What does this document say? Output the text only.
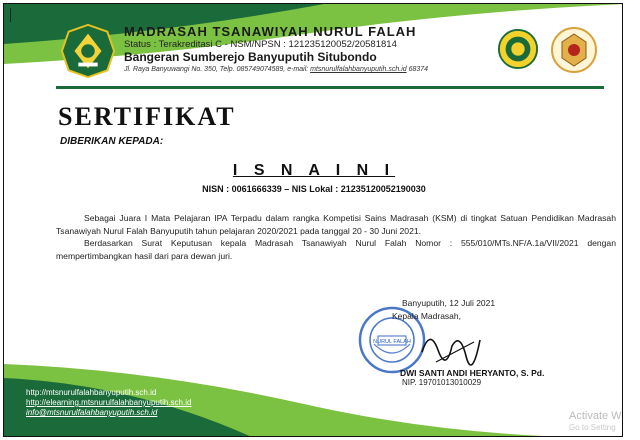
MADRASAH TSANAWIYAH NURUL FALAH
Status : Terakreditasi C - NSM/NPSN : 121235120052/20581814
Bangeran Sumberejo Banyuputih Situbondo
Jl. Raya Banyuwangi No. 350, Telp. 085749074589, e-mail: mtsnurulfalahbanyuputih.sch.id 68374
SERTIFIKAT
DIBERIKAN KEPADA:
I S N A I N I
NISN : 0061666339 – NIS Lokal : 21235120052190030

Sebagai Juara I Mata Pelajaran IPA Terpadu dalam rangka Kompetisi Sains Madrasah (KSM) di tingkat Satuan Pendidikan Madrasah Tsanawiyah Nurul Falah Banyuputih tahun pelajaran 2020/2021 pada tanggal 20 - 30 Juni 2021.

Berdasarkan Surat Keputusan kepala Madrasah Tsanawiyah Nurul Falah Nomor : 555/010/MTs.NF/A.1a/VII/2021 dengan mempertimbangkan hasil dari para dewan juri.

NURUL FALAH
Banyuputih, 12 Juli 2021
Kepala Madrasah,
DWI SANTI ANDI HERYANTO, S. Pd.
NIP. 19701013010029
http://mtsnurulfalahbanyuputih.sch.id
http://elearning.mtsnurulfalahbanyuputih.sch.id
info@mtsnurulfalahbanyuputih.sch.id	Activate W
Go to Setting
